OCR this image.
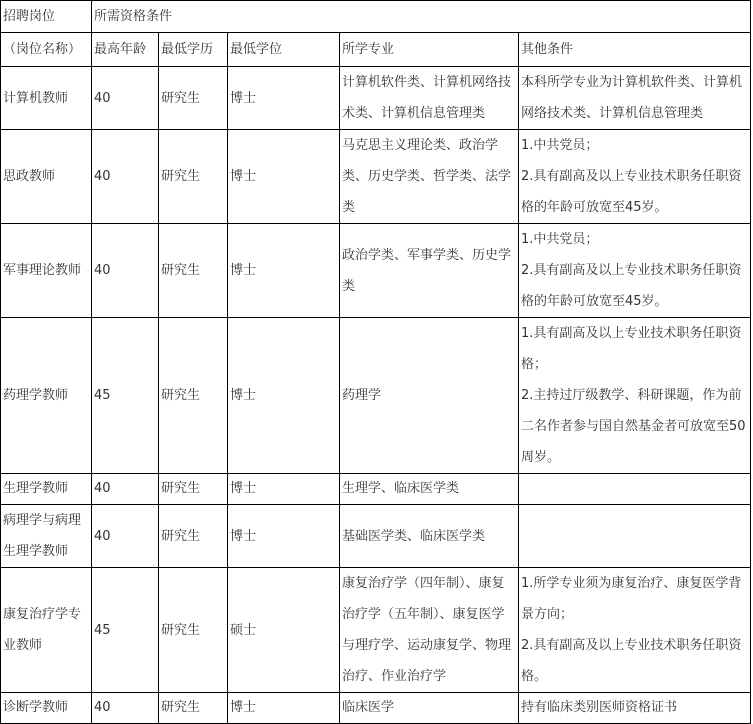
招聘岗位	所需资格条件				
（岗位名称）	最高年龄	最低学历	最低学位	所学专业	其他条件
计算机教师	40	研究生	博士	计算机软件类、计算机网络技术类、计算机信息管理类	本科所学专业为计算机软件类、计算机网络技术类、计算机信息管理类

思政教师	40	研究生	博士	马克思主义理论类、政治学类、历史学类、哲学类、法学类	1.中共党员；
2.具有副高及以上专业技术职务任职资格的年龄可放宽至45岁。

军事理论教师	40	研究生	博士	政治学类、军事学类、历史学类	1.中共党员；
2.具有副高及以上专业技术职务任职资格的年龄可放宽至45岁。

药理学教师	45	研究生	博士	药理学	1.具有副高及以上专业技术职务任职资格；
2.主持过厅级教学、科研课题，作为前二名作者参与国自然基金者可放宽至50周岁。

生理学教师	40	研究生	博士	生理学、临床医学类	

病理学与病理生理学教师	40	研究生	博士	基础医学类、临床医学类	

康复治疗学专业教师	45	研究生	硕士	康复治疗学（四年制）、康复治疗学（五年制）、康复医学与理疗学、运动康复学、物理治疗、作业治疗学	1.所学专业须为康复治疗、康复医学背景方向；
2.具有副高及以上专业技术职务任职资格。

诊断学教师	40	研究生	博士	临床医学	持有临床类别医师资格证书
